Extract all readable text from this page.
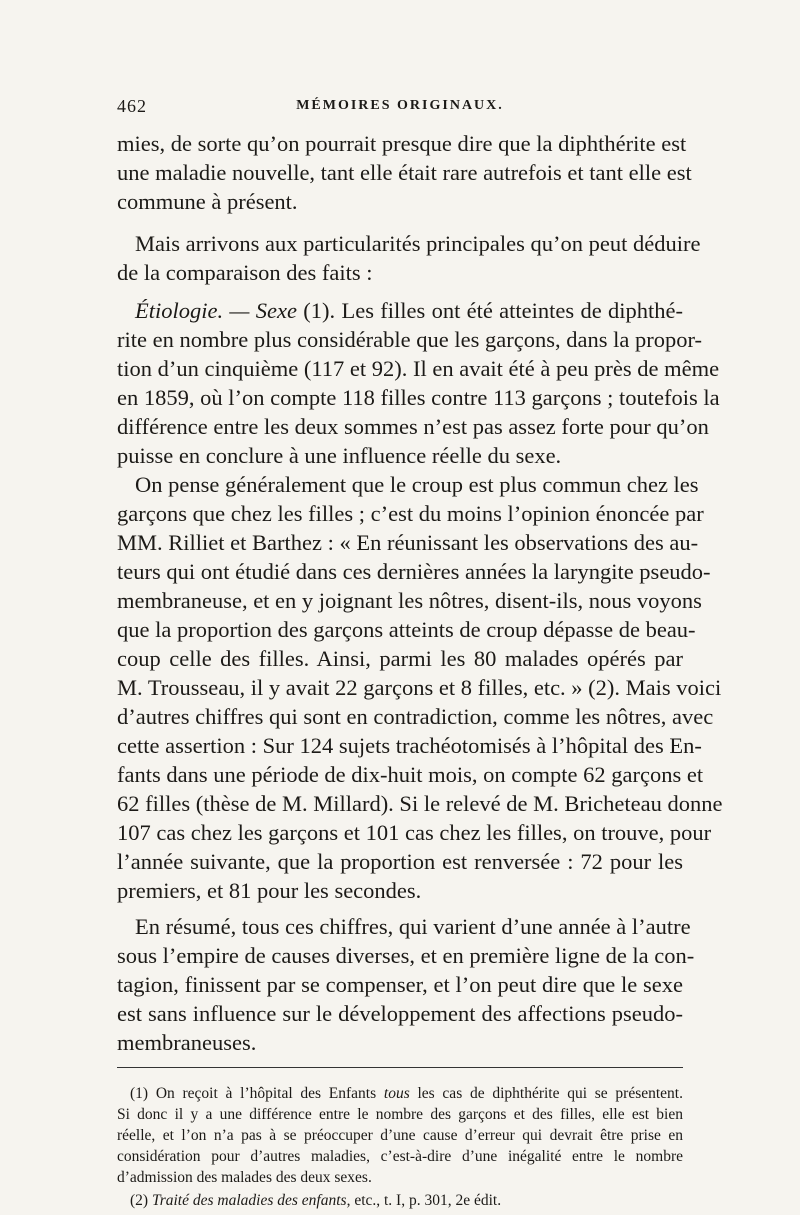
462	MÉMOIRES ORIGINAUX.
mies, de sorte qu’on pourrait presque dire que la diphthérite est
une maladie nouvelle, tant elle était rare autrefois et tant elle est
commune à présent.
Mais arrivons aux particularités principales qu’on peut déduire
de la comparaison des faits :
Étiologie. — Sexe (1). Les filles ont été atteintes de diphthé-
rite en nombre plus considérable que les garçons, dans la propor-
tion d’un cinquième (117 et 92). Il en avait été à peu près de même
en 1859, où l’on compte 118 filles contre 113 garçons ; toutefois la
différence entre les deux sommes n’est pas assez forte pour qu’on
puisse en conclure à une influence réelle du sexe.
On pense généralement que le croup est plus commun chez les
garçons que chez les filles ; c’est du moins l’opinion énoncée par
MM. Rilliet et Barthez : « En réunissant les observations des au-
teurs qui ont étudié dans ces dernières années la laryngite pseudo-
membraneuse, et en y joignant les nôtres, disent-ils, nous voyons
que la proportion des garçons atteints de croup dépasse de beau-
coup celle des filles. Ainsi, parmi les 80 malades opérés par
M. Trousseau, il y avait 22 garçons et 8 filles, etc. » (2). Mais voici
d’autres chiffres qui sont en contradiction, comme les nôtres, avec
cette assertion : Sur 124 sujets trachéotomisés à l’hôpital des En-
fants dans une période de dix-huit mois, on compte 62 garçons et
62 filles (thèse de M. Millard). Si le relevé de M. Bricheteau donne
107 cas chez les garçons et 101 cas chez les filles, on trouve, pour
l’année suivante, que la proportion est renversée : 72 pour les
premiers, et 81 pour les secondes.
En résumé, tous ces chiffres, qui varient d’une année à l’autre
sous l’empire de causes diverses, et en première ligne de la con-
tagion, finissent par se compenser, et l’on peut dire que le sexe
est sans influence sur le développement des affections pseudo-
membraneuses.
(1) On reçoit à l’hôpital des Enfants tous les cas de diphthérite qui se présentent.
Si donc il y a une différence entre le nombre des garçons et des filles, elle est bien
réelle, et l’on n’a pas à se préoccuper d’une cause d’erreur qui devrait être prise en
considération pour d’autres maladies, c’est-à-dire d’une inégalité entre le nombre
d’admission des malades des deux sexes.
(2) Traité des maladies des enfants, etc., t. I, p. 301, 2e édit.
